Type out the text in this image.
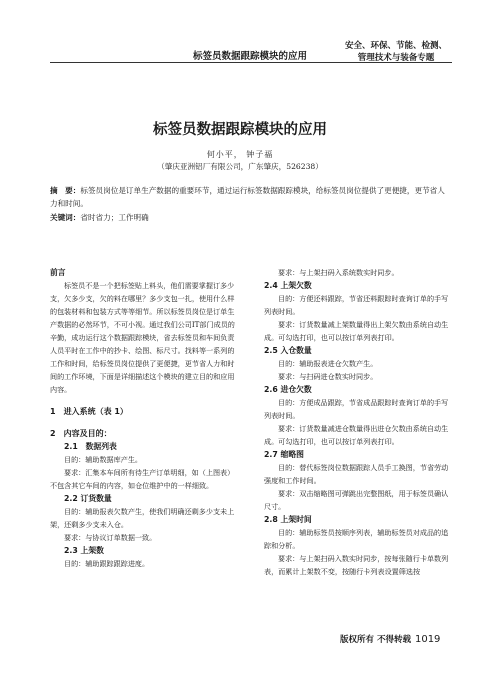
标签员数据跟踪模块的应用
安全、环保、节能、检测、
管理技术与装备专题
标签员数据跟踪模块的应用
何小平， 钟子福
（肇庆亚洲铝厂有限公司，广东肇庆，526238）
摘　要：标签员岗位是订单生产数据的重要环节，通过运行标签数据跟踪模块，给标签员岗位提供了更便捷，更节省人力和时间。
关键词：省时省力；工作明确
前言

标签员不是一个把标签贴上料头，他们需要掌握订多少支，欠多少支，欠的料在哪里？多少支包一扎，使用什么样的包装材料和包装方式等等细节。所以标签员岗位是订单生产数据的必然环节，不可小视。通过我们公司IT部门成员的辛勤，成功运行这个数据跟踪模块，省去标签员和车间负责人员平时在工作中的抄卡、绘图、标尺寸。找料等一系列的工作和时间，给标签员岗位提供了更便捷，更节省人力和时间的工作环境，下面是详细描述这个模块的建立目的和应用内容。

1　进入系统（表 1）
2　内容及目的：
2.1　数据列表

目的：辅助数据库产生。

要求：汇集本车间所有待生产订单明细，如（上图表）不包含其它车间的内容，如仓位维护中的一样细致。

2.2 订货数量

目的：辅助报表欠数产生，使我们明确还剩多少支未上架，还剩多少支未入仓。

要求：与协议订单数据一致。

2.3 上架数

目的：辅助跟踪跟踪进度。

要求：与上架扫码入系统数实时同步。

2.4 上架欠数

目的：方便还料跟踪，节省还料跟踪时查询订单的手写列表时间。

要求：订货数量减上架数量得出上架欠数由系统自动生成。可勾选打印，也可以按订单列表打印。

2.5 入仓数量

目的：辅助报表进仓欠数产生。

要求：与扫码进仓数实时同步。

2.6 进仓欠数

目的：方便成品跟踪，节省成品跟踪时查询订单的手写列表时间。

要求：订货数量减进仓数量得出进仓欠数由系统自动生成。可勾选打印，也可以按订单列表打印。

2.7 缩略图

目的：替代标签岗位数据跟踪人员手工换图，节省劳动强度和工作时间。

要求：双击缩略图可弹跳出完整图纸，用于标签员确认尺寸。

2.8 上架时间

目的：辅助标签员按顺序列表，辅助标签员对成品的追踪和分析。

要求：与上架扫码入数实时同步，按每张随行卡单数列表，而累计上架数不变，按随行卡列表设置筛选按

版权所有 不得转载 1019
